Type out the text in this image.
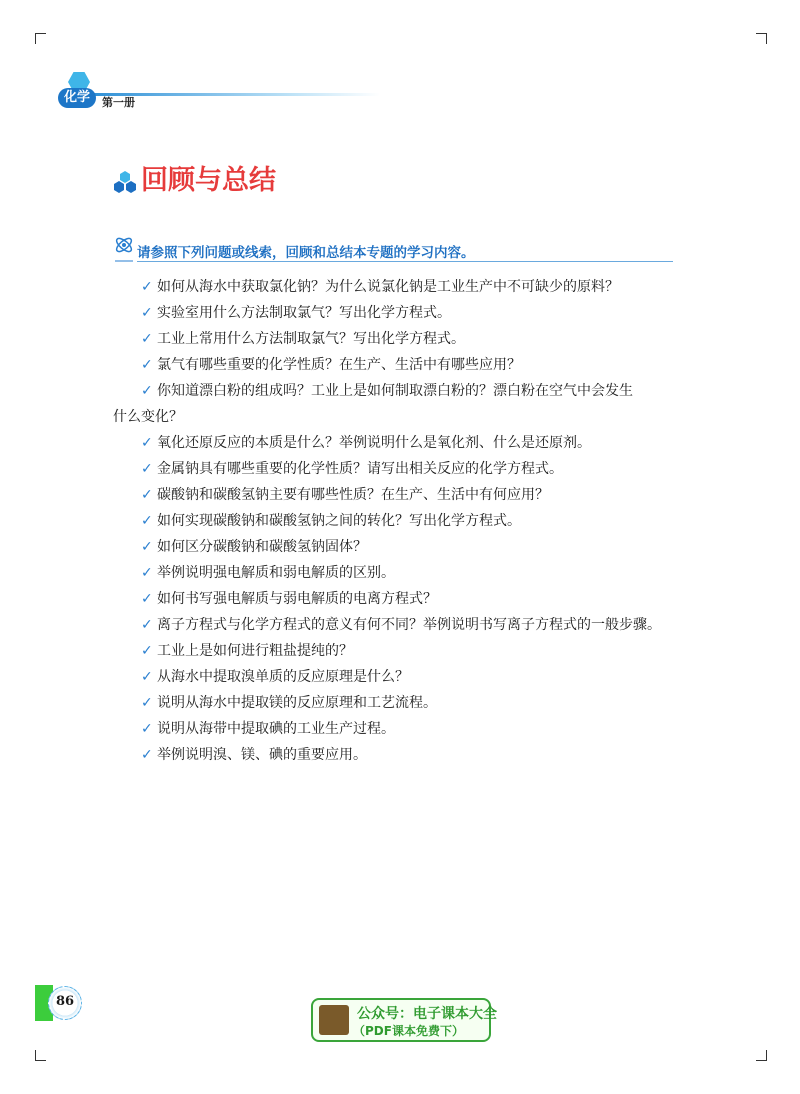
化学	第一册
回顾与总结
请参照下列问题或线索，回顾和总结本专题的学习内容。
✓ 如何从海水中获取氯化钠？为什么说氯化钠是工业生产中不可缺少的原料？
✓ 实验室用什么方法制取氯气？写出化学方程式。
✓ 工业上常用什么方法制取氯气？写出化学方程式。
✓ 氯气有哪些重要的化学性质？在生产、生活中有哪些应用？
✓ 你知道漂白粉的组成吗？工业上是如何制取漂白粉的？漂白粉在空气中会发生
什么变化？
✓ 氧化还原反应的本质是什么？举例说明什么是氧化剂、什么是还原剂。
✓ 金属钠具有哪些重要的化学性质？请写出相关反应的化学方程式。
✓ 碳酸钠和碳酸氢钠主要有哪些性质？在生产、生活中有何应用？
✓ 如何实现碳酸钠和碳酸氢钠之间的转化？写出化学方程式。
✓ 如何区分碳酸钠和碳酸氢钠固体？
✓ 举例说明强电解质和弱电解质的区别。
✓ 如何书写强电解质与弱电解质的电离方程式？
✓ 离子方程式与化学方程式的意义有何不同？举例说明书写离子方程式的一般步骤。
✓ 工业上是如何进行粗盐提纯的？
✓ 从海水中提取溴单质的反应原理是什么？
✓ 说明从海水中提取镁的反应原理和工艺流程。
✓ 说明从海带中提取碘的工业生产过程。
✓ 举例说明溴、镁、碘的重要应用。
86
公众号：电子课本大全
（PDF课本免费下）
